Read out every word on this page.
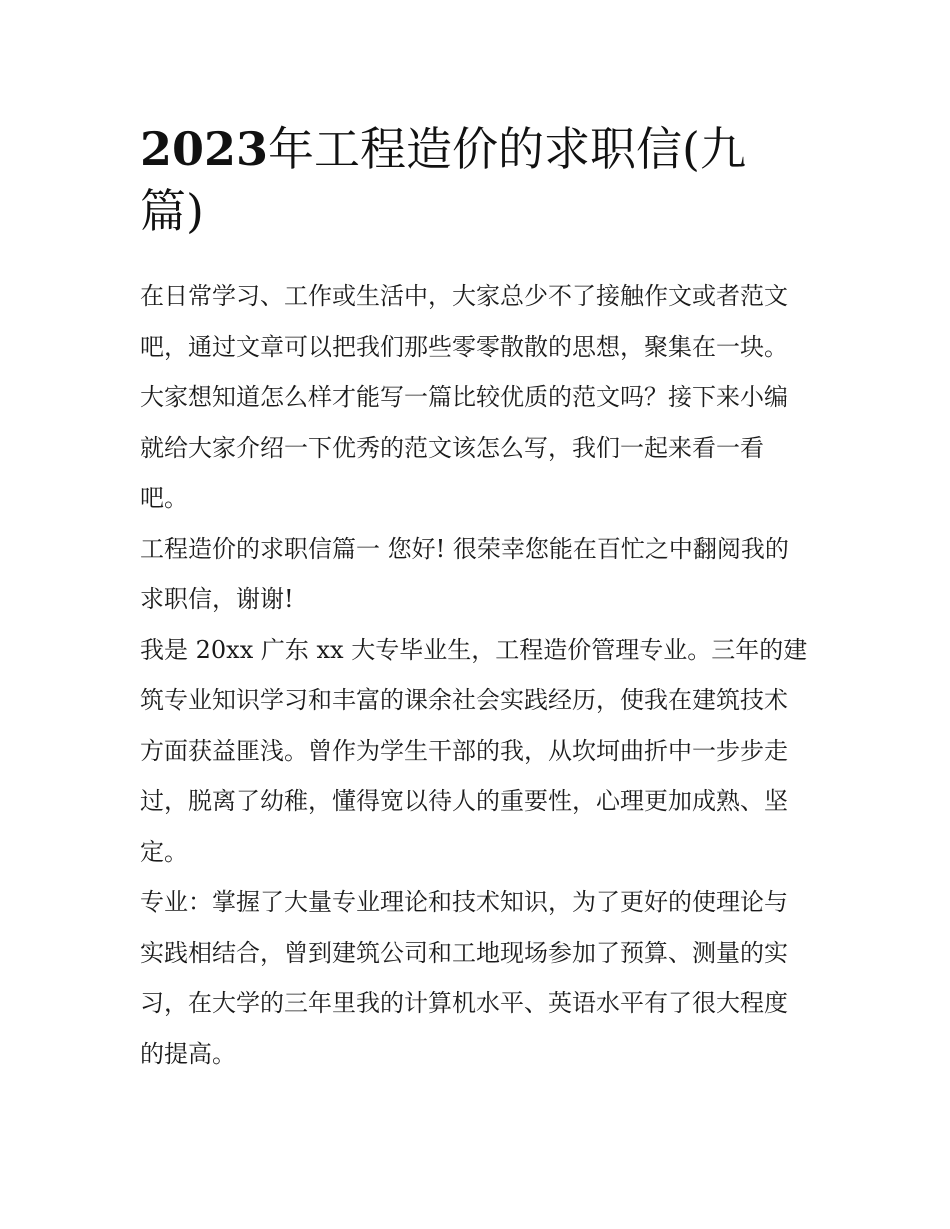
2023年工程造价的求职信(九
篇)

在日常学习、工作或生活中，大家总少不了接触作文或者范文
吧，通过文章可以把我们那些零零散散的思想，聚集在一块。
大家想知道怎么样才能写一篇比较优质的范文吗？接下来小编
就给大家介绍一下优秀的范文该怎么写，我们一起来看一看
吧。

工程造价的求职信篇一 您好! 很荣幸您能在百忙之中翻阅我的
求职信，谢谢!

我是 20xx 广东 xx 大专毕业生，工程造价管理专业。三年的建
筑专业知识学习和丰富的课余社会实践经历，使我在建筑技术
方面获益匪浅。曾作为学生干部的我，从坎坷曲折中一步步走
过，脱离了幼稚，懂得宽以待人的重要性，心理更加成熟、坚
定。

专业：掌握了大量专业理论和技术知识，为了更好的使理论与
实践相结合，曾到建筑公司和工地现场参加了预算、测量的实
习，在大学的三年里我的计算机水平、英语水平有了很大程度
的提高。
